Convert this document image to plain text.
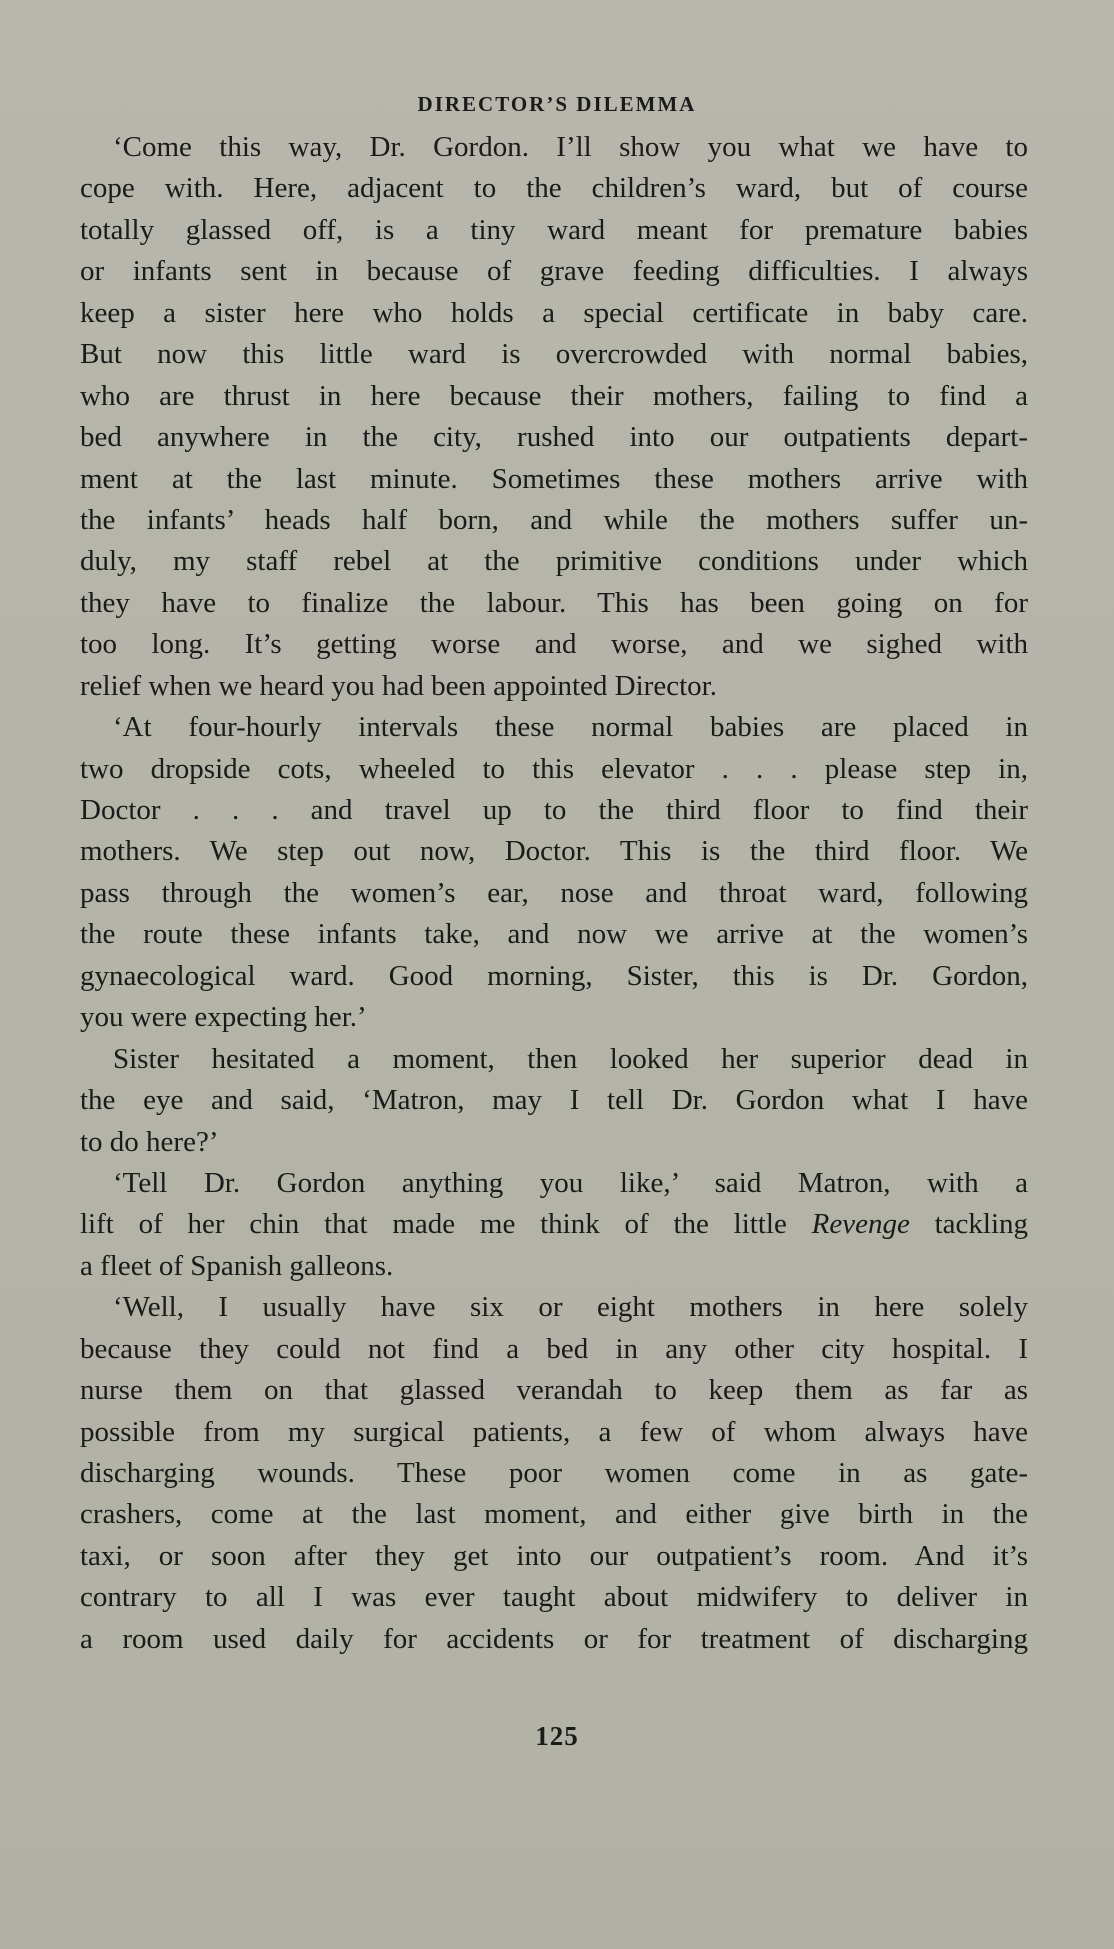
DIRECTOR’S DILEMMA
‘Come this way, Dr. Gordon. I’ll show you what we have to
cope with. Here, adjacent to the children’s ward, but of course
totally glassed off, is a tiny ward meant for premature babies
or infants sent in because of grave feeding difficulties. I always
keep a sister here who holds a special certificate in baby care.
But now this little ward is overcrowded with normal babies,
who are thrust in here because their mothers, failing to find a
bed anywhere in the city, rushed into our outpatients depart-
ment at the last minute. Sometimes these mothers arrive with
the infants’ heads half born, and while the mothers suffer un-
duly, my staff rebel at the primitive conditions under which
they have to finalize the labour. This has been going on for
too long. It’s getting worse and worse, and we sighed with
relief when we heard you had been appointed Director.
‘At four-hourly intervals these normal babies are placed in
two dropside cots, wheeled to this elevator . . . please step in,
Doctor . . . and travel up to the third floor to find their
mothers. We step out now, Doctor. This is the third floor. We
pass through the women’s ear, nose and throat ward, following
the route these infants take, and now we arrive at the women’s
gynaecological ward. Good morning, Sister, this is Dr. Gordon,
you were expecting her.’
Sister hesitated a moment, then looked her superior dead in
the eye and said, ‘Matron, may I tell Dr. Gordon what I have
to do here?’
‘Tell Dr. Gordon anything you like,’ said Matron, with a
lift of her chin that made me think of the little Revenge tackling
a fleet of Spanish galleons.
‘Well, I usually have six or eight mothers in here solely
because they could not find a bed in any other city hospital. I
nurse them on that glassed verandah to keep them as far as
possible from my surgical patients, a few of whom always have
discharging wounds. These poor women come in as gate-
crashers, come at the last moment, and either give birth in the
taxi, or soon after they get into our outpatient’s room. And it’s
contrary to all I was ever taught about midwifery to deliver in
a room used daily for accidents or for treatment of discharging
125
